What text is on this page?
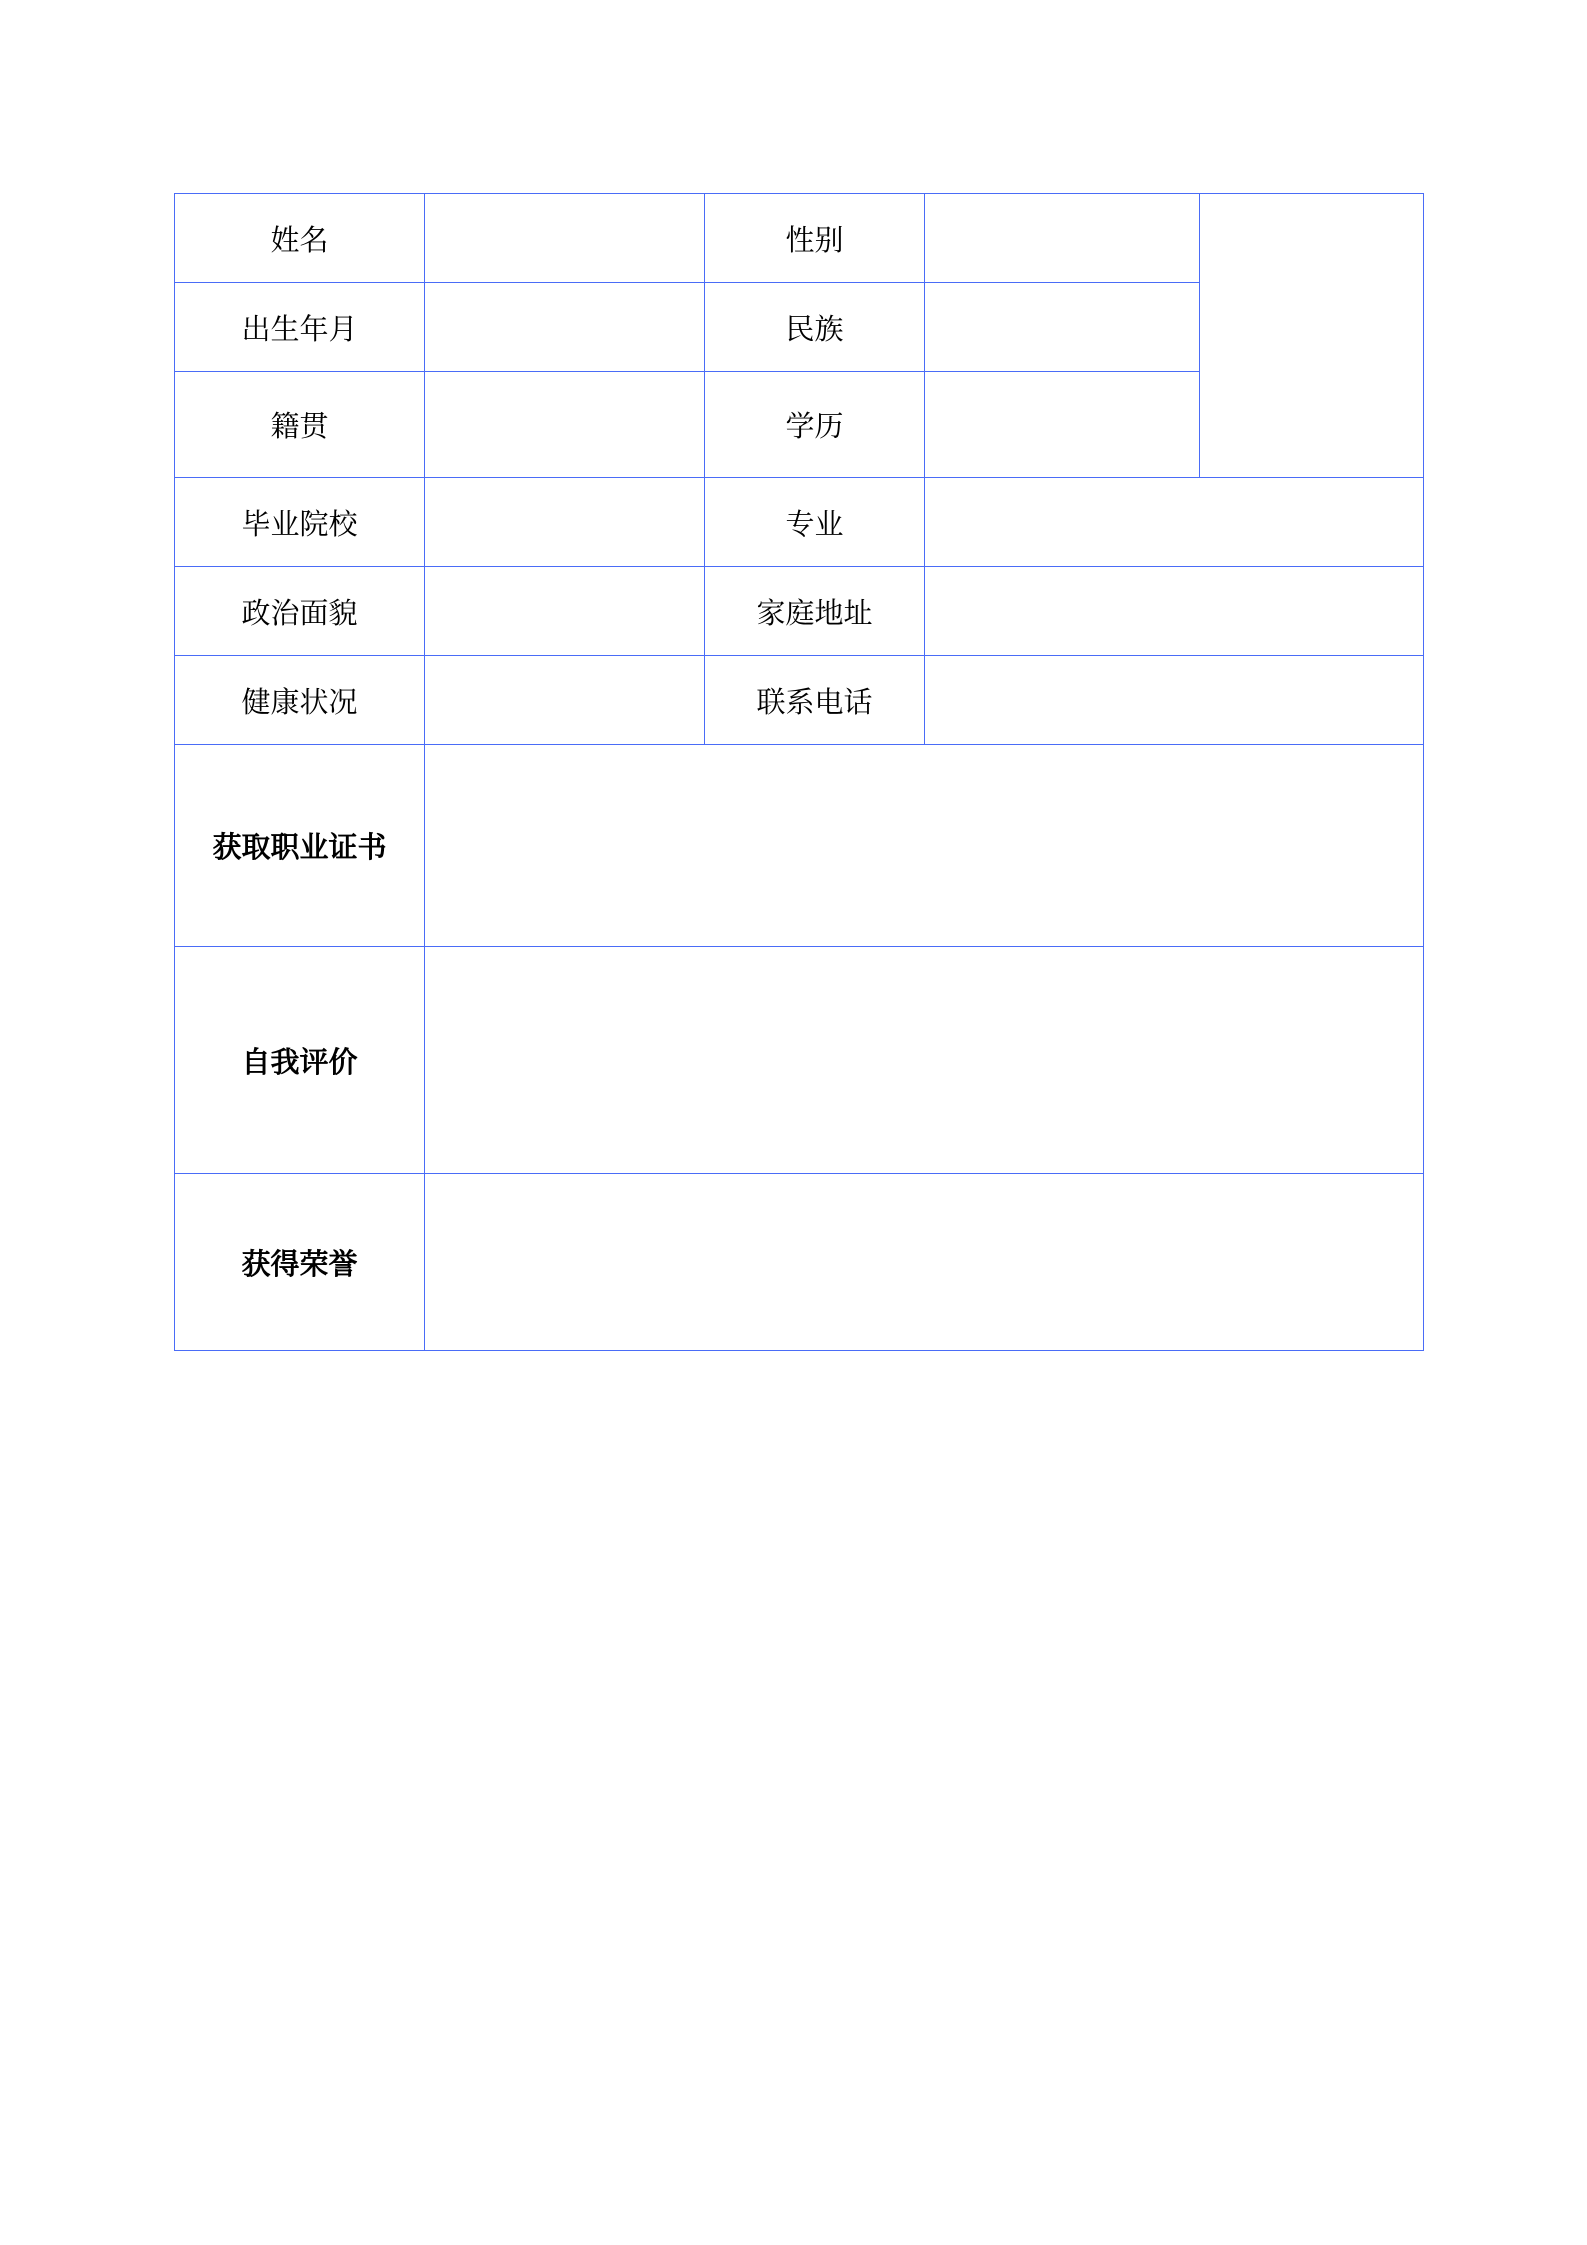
姓名		性别		
出生年月		民族		
籍贯		学历		
毕业院校		专业		
政治面貌		家庭地址		
健康状况		联系电话		
获取职业证书				
自我评价				
获得荣誉				
